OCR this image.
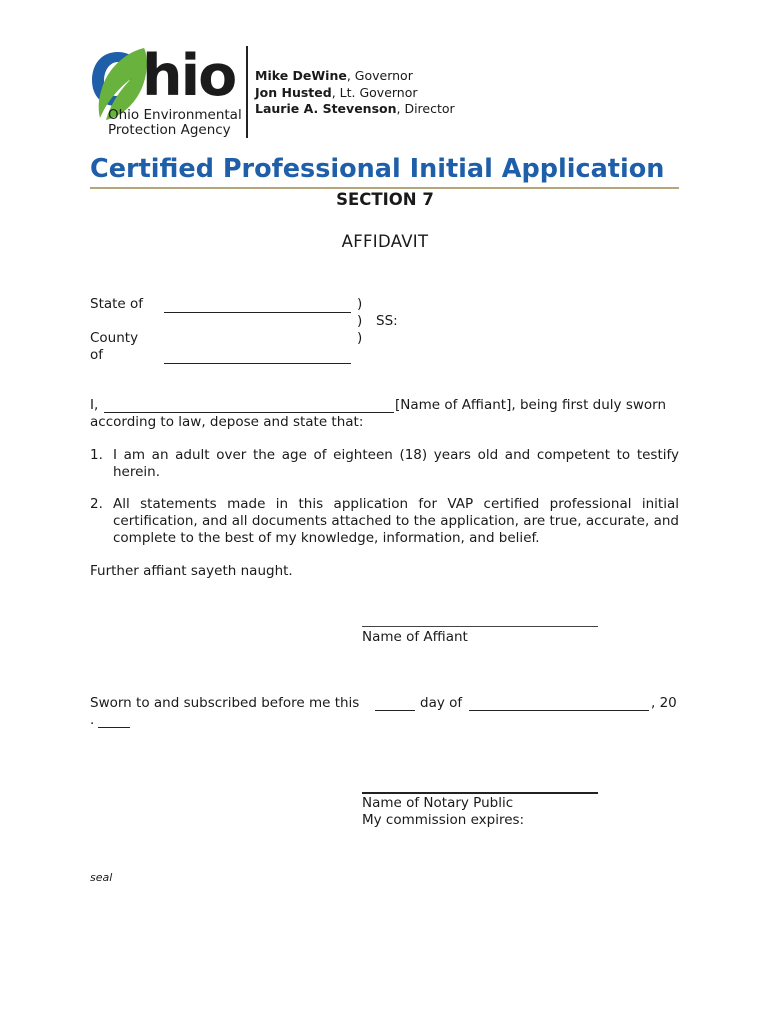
hio
Ohio Environmental
Protection Agency
Mike DeWine, Governor
Jon Husted, Lt. Governor
Laurie A. Stevenson, Director
Certified Professional Initial Application
SECTION 7
AFFIDAVIT
State of	)
) SS:
)
County
of
I,	[Name of Affiant], being first duly sworn
according to law, depose and state that:
1. I am an adult over the age of eighteen (18) years old and competent to testify herein.
2. All statements made in this application for VAP certified professional initial certification, and all documents attached to the application, are true, accurate, and complete to the best of my knowledge, information, and belief.
Further affiant sayeth naught.
Name of Affiant
Sworn to and subscribed before me this	day of	, 20
.
Name of Notary Public
My commission expires:
seal
